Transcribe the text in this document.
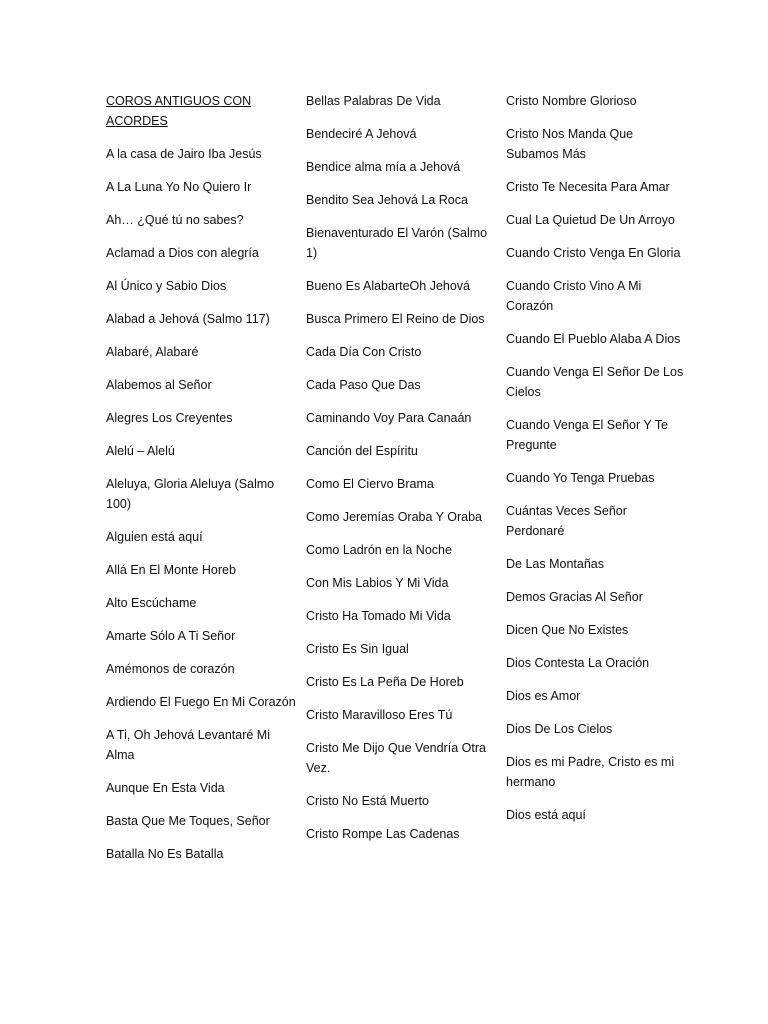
COROS ANTIGUOS CON ACORDES
A la casa de Jairo Iba Jesús
A La Luna Yo No Quiero Ir
Ah… ¿Qué tú no sabes?
Aclamad a Dios con alegría
Al Único y Sabio Dios
Alabad a Jehová (Salmo 117)
Alabaré, Alabaré
Alabemos al Señor
Alegres Los Creyentes
Alelú – Alelú
Aleluya, Gloria Aleluya (Salmo 100)
Alguien está aquí
Allá En El Monte Horeb
Alto Escúchame
Amarte Sólo A Ti Señor
Amémonos de corazón
Ardiendo El Fuego En Mi Corazón
A Ti, Oh Jehová Levantaré Mi Alma
Aunque En Esta Vida
Basta Que Me Toques, Señor
Batalla No Es Batalla
Bellas Palabras De Vida
Bendeciré A Jehová
Bendice alma mía a Jehová
Bendito Sea Jehová La Roca
Bienaventurado El Varón (Salmo 1)
Bueno Es AlabarteOh Jehová
Busca Primero El Reino de Dios
Cada Día Con Cristo
Cada Paso Que Das
Caminando Voy Para Canaán
Canción del Espíritu
Como El Ciervo Brama
Como Jeremías Oraba Y Oraba
Como Ladrón en la Noche
Con Mis Labios Y Mi Vida
Cristo Ha Tomado Mi Vida
Cristo Es Sin Igual
Cristo Es La Peña De Horeb
Cristo Maravilloso Eres Tú
Cristo Me Dijo Que Vendría Otra Vez.
Cristo No Está Muerto
Cristo Rompe Las Cadenas
Cristo Nombre Glorioso
Cristo Nos Manda Que Subamos Más
Cristo Te Necesita Para Amar
Cual La Quietud De Un Arroyo
Cuando Cristo Venga En Gloria
Cuando Cristo Vino A Mi Corazón
Cuando El Pueblo Alaba A Dios
Cuando Venga El Señor De Los Cielos
Cuando Venga El Señor Y Te Pregunte
Cuando Yo Tenga Pruebas
Cuántas Veces Señor Perdonaré
De Las Montañas
Demos Gracias Al Señor
Dicen Que No Existes
Dios Contesta La Oración
Dios es Amor
Dios De Los Cielos
Dios es mi Padre, Cristo es mi hermano
Dios está aquí
